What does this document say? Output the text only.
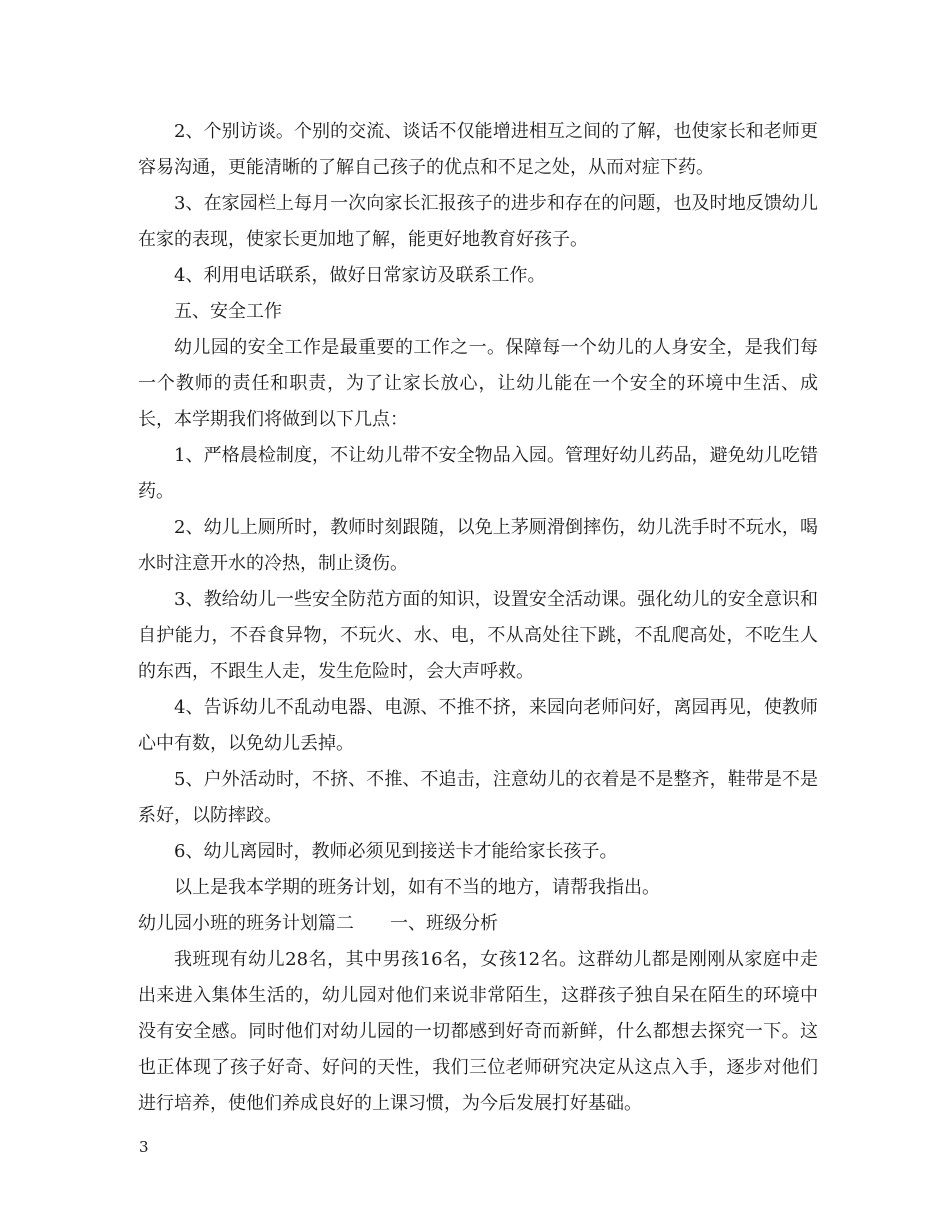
2、个别访谈。个别的交流、谈话不仅能增进相互之间的了解，也使家长和老师更容易沟通，更能清晰的了解自己孩子的优点和不足之处，从而对症下药。

3、在家园栏上每月一次向家长汇报孩子的进步和存在的问题，也及时地反馈幼儿在家的表现，使家长更加地了解，能更好地教育好孩子。

4、利用电话联系，做好日常家访及联系工作。

五、安全工作

幼儿园的安全工作是最重要的工作之一。保障每一个幼儿的人身安全，是我们每一个教师的责任和职责，为了让家长放心，让幼儿能在一个安全的环境中生活、成长，本学期我们将做到以下几点：

1、严格晨检制度，不让幼儿带不安全物品入园。管理好幼儿药品，避免幼儿吃错药。

2、幼儿上厕所时，教师时刻跟随，以免上茅厕滑倒摔伤，幼儿洗手时不玩水，喝水时注意开水的冷热，制止烫伤。

3、教给幼儿一些安全防范方面的知识，设置安全活动课。强化幼儿的安全意识和自护能力，不吞食异物，不玩火、水、电，不从高处往下跳，不乱爬高处，不吃生人的东西，不跟生人走，发生危险时，会大声呼救。

4、告诉幼儿不乱动电器、电源、不推不挤，来园向老师问好，离园再见，使教师心中有数，以免幼儿丢掉。

5、户外活动时，不挤、不推、不追击，注意幼儿的衣着是不是整齐，鞋带是不是系好，以防摔跤。

6、幼儿离园时，教师必须见到接送卡才能给家长孩子。

以上是我本学期的班务计划，如有不当的地方，请帮我指出。

幼儿园小班的班务计划篇二　　一、班级分析

我班现有幼儿28名，其中男孩16名，女孩12名。这群幼儿都是刚刚从家庭中走出来进入集体生活的，幼儿园对他们来说非常陌生，这群孩子独自呆在陌生的环境中没有安全感。同时他们对幼儿园的一切都感到好奇而新鲜，什么都想去探究一下。这也正体现了孩子好奇、好问的天性，我们三位老师研究决定从这点入手，逐步对他们进行培养，使他们养成良好的上课习惯，为今后发展打好基础。

3
